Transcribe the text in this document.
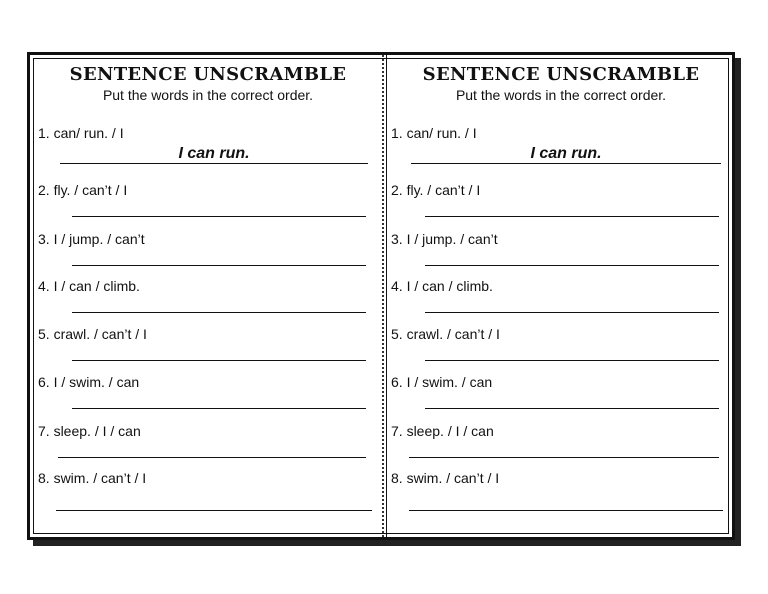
SENTENCE UNSCRAMBLE
Put the words in the correct order.
1. can/ run. / I
I can run.
2. fly. / can’t / I
3. I / jump. / can’t
4. I / can / climb.
5. crawl. / can’t / I
6. I / swim. / can
7. sleep. / I / can
8. swim. / can’t / I
SENTENCE UNSCRAMBLE
Put the words in the correct order.
1. can/ run. / I
I can run.
2. fly. / can’t / I
3. I / jump. / can’t
4. I / can / climb.
5. crawl. / can’t / I
6. I / swim. / can
7. sleep. / I / can
8. swim. / can’t / I
